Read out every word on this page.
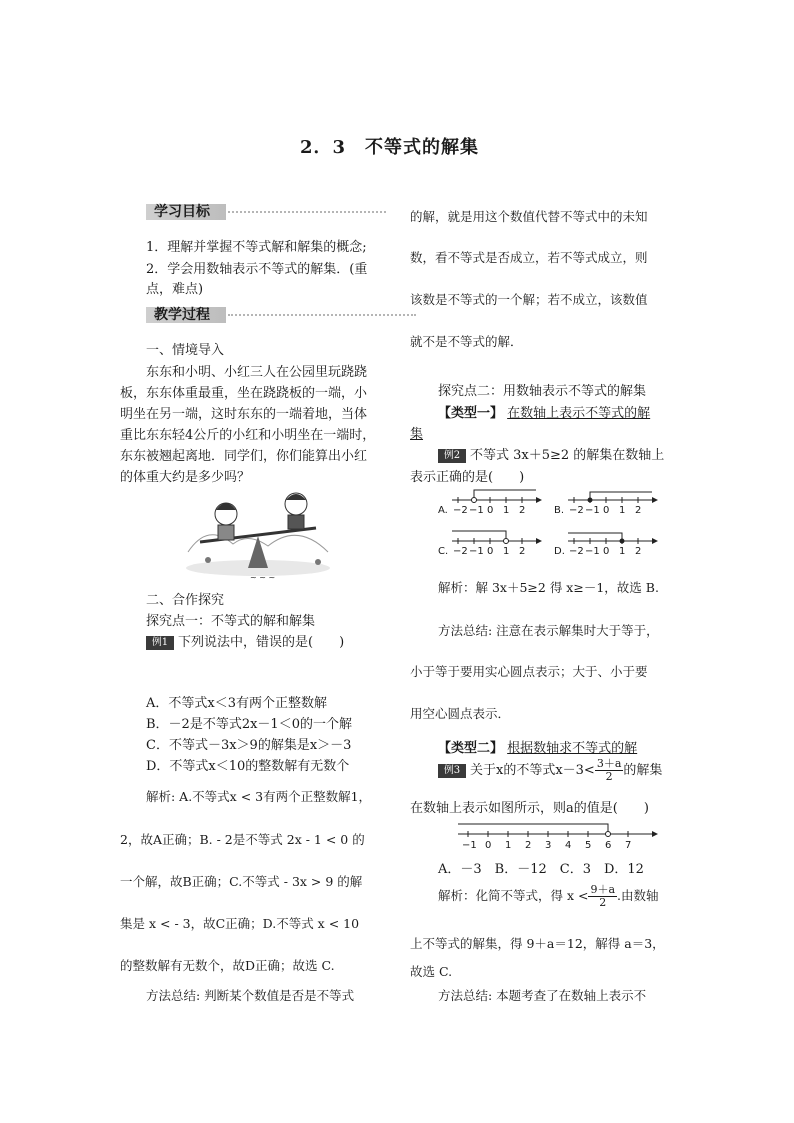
2．3　不等式的解集
学习目标
1．理解并掌握不等式解和解集的概念;
2．学会用数轴表示不等式的解集．(重
点，难点)
教学过程
一、情境导入
东东和小明、小红三人在公园里玩跷跷
板，东东体重最重，坐在跷跷板的一端，小
明坐在另一端，这时东东的一端着地，当体
重比东东轻4公斤的小红和小明坐在一端时，
东东被翘起离地．同学们，你们能算出小红
的体重大约是多少吗？
~ ~ ~
二、合作探究
探究点一：不等式的解和解集
例1 下列说法中，错误的是(　　)
A．不等式x＜3有两个正整数解
B．－2是不等式2x－1＜0的一个解
C．不等式－3x＞9的解集是x＞－3
D．不等式x＜10的整数解有无数个
解析: A.不等式x < 3有两个正整数解1，
2，故A正确；B. - 2是不等式 2x - 1 < 0 的
一个解，故B正确；C.不等式 - 3x > 9 的解
集是 x < - 3，故C正确；D.不等式 x < 10
的整数解有无数个，故D正确；故选 C.
方法总结: 判断某个数值是否是不等式
的解，就是用这个数值代替不等式中的未知
数，看不等式是否成立，若不等式成立，则
该数是不等式的一个解；若不成立，该数值
就不是不等式的解．
探究点二：用数轴表示不等式的解集
【类型一】 在数轴上表示不等式的解
集
例2 不等式 3x＋5≥2 的解集在数轴上
表示正确的是(　　)
A. −2 −1 0 1 2	B. −2 −1 0 1 2
C. −2 −1 0 1 2	D. −2 −1 0 1 2
解析：解 3x＋5≥2 得 x≥－1，故选 B.
方法总结: 注意在表示解集时大于等于，
小于等于要用实心圆点表示；大于、小于要
用空心圆点表示．
【类型二】 根据数轴求不等式的解
例3 关于x的不等式$x-3< \frac{3+a}{2}$ 的解集
在数轴上表示如图所示，则a的值是(　　)
−1 0 1 2 3 4 5 6 7
A．－3　B．－12　C．3　D．12
解析：化简不等式，得 $x < \frac{9+a}{2}$ .由数轴
上不等式的解集，得 9＋a＝12，解得 a＝3，
故选 C.
方法总结: 本题考查了在数轴上表示不
